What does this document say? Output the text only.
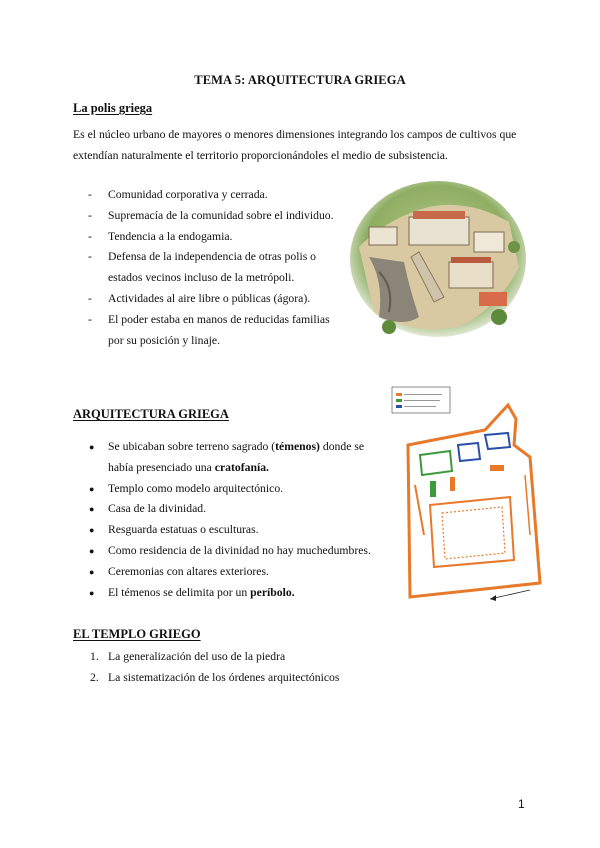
TEMA 5: ARQUITECTURA GRIEGA
La polis griega
Es el núcleo urbano de mayores o menores dimensiones integrando los campos de cultivos que extendían naturalmente el territorio proporcionándoles el medio de subsistencia.
- Comunidad corporativa y cerrada.
- Supremacía de la comunidad sobre el individuo.
- Tendencia a la endogamia.
- Defensa de la independencia de otras polis o estados vecinos incluso de la metrópoli.
- Actividades al aire libre o públicas (ágora).
- El poder estaba en manos de reducidas familias por su posición y linaje.
ARQUITECTURA GRIEGA
● Se ubicaban sobre terreno sagrado (témenos) donde se había presenciado una cratofanía.
● Templo como modelo arquitectónico.
● Casa de la divinidad.
● Resguarda estatuas o esculturas.
● Como residencia de la divinidad no hay muchedumbres.
● Ceremonias con altares exteriores.
● El témenos se delimita por un períbolo.
EL TEMPLO GRIEGO
1. La generalización del uso de la piedra
2. La sistematización de los órdenes arquitectónicos
1
